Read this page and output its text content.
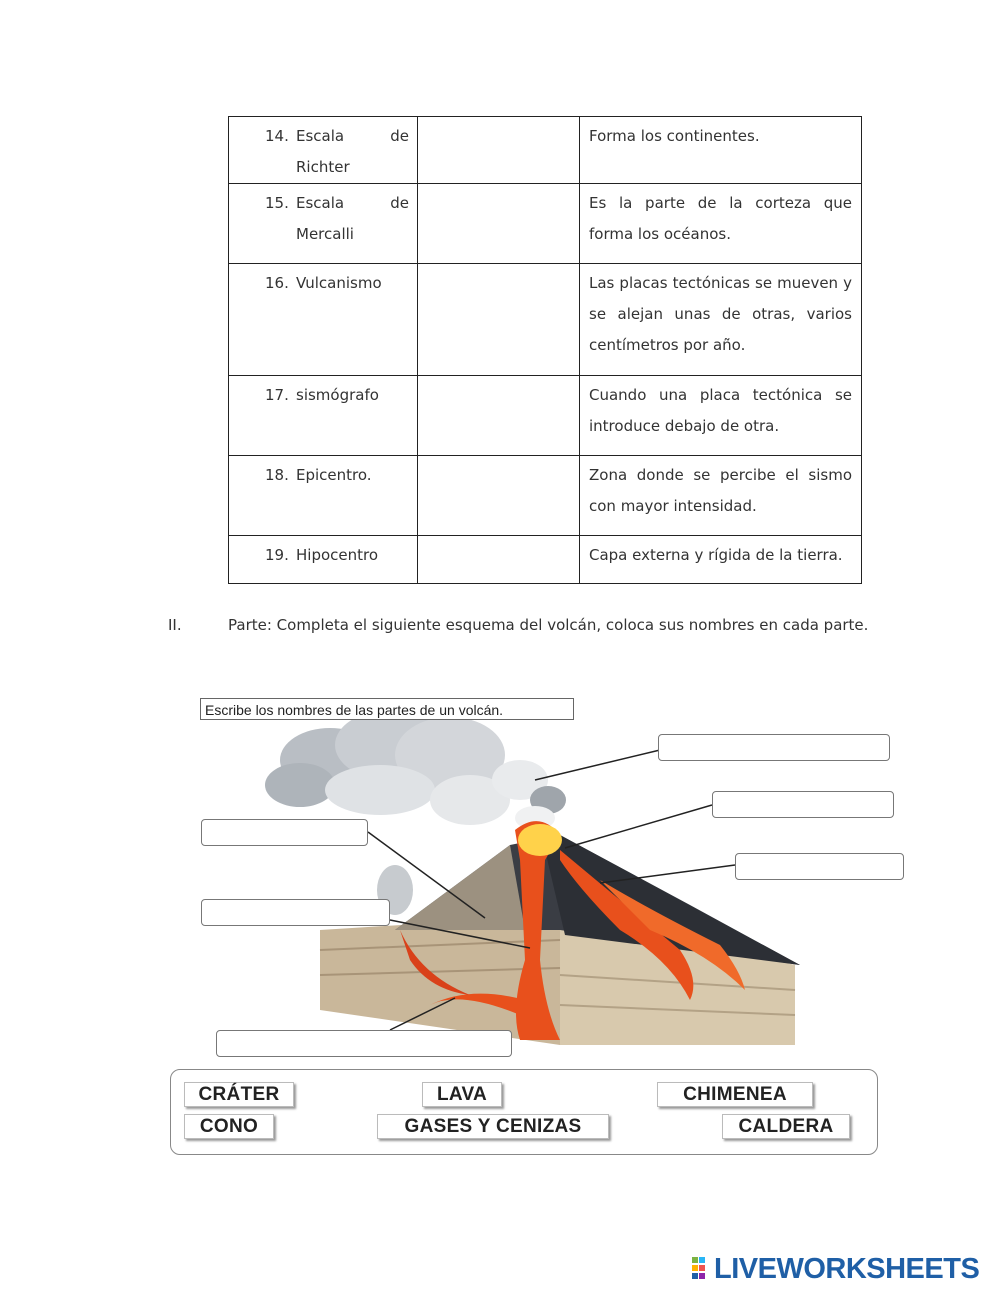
14. Escala de
Richter		Forma los continentes.

15. Escala de
Mercalli		Es la parte de la corteza que forma los océanos.

16. Vulcanismo		Las placas tectónicas se mueven y se alejan unas de otras, varios centímetros por año.

17. sismógrafo		Cuando una placa tectónica se introduce debajo de otra.

18. Epicentro.		Zona donde se percibe el sismo con mayor intensidad.

19. Hipocentro		Capa externa y rígida de la tierra.
II.	Parte: Completa el siguiente esquema del volcán, coloca sus nombres en cada parte.
Escribe los nombres de las partes de un volcán.
CRÁTER	LAVA	CHIMENEA
CONO	GASES Y CENIZAS	CALDERA
LIVEWORKSHEETS
